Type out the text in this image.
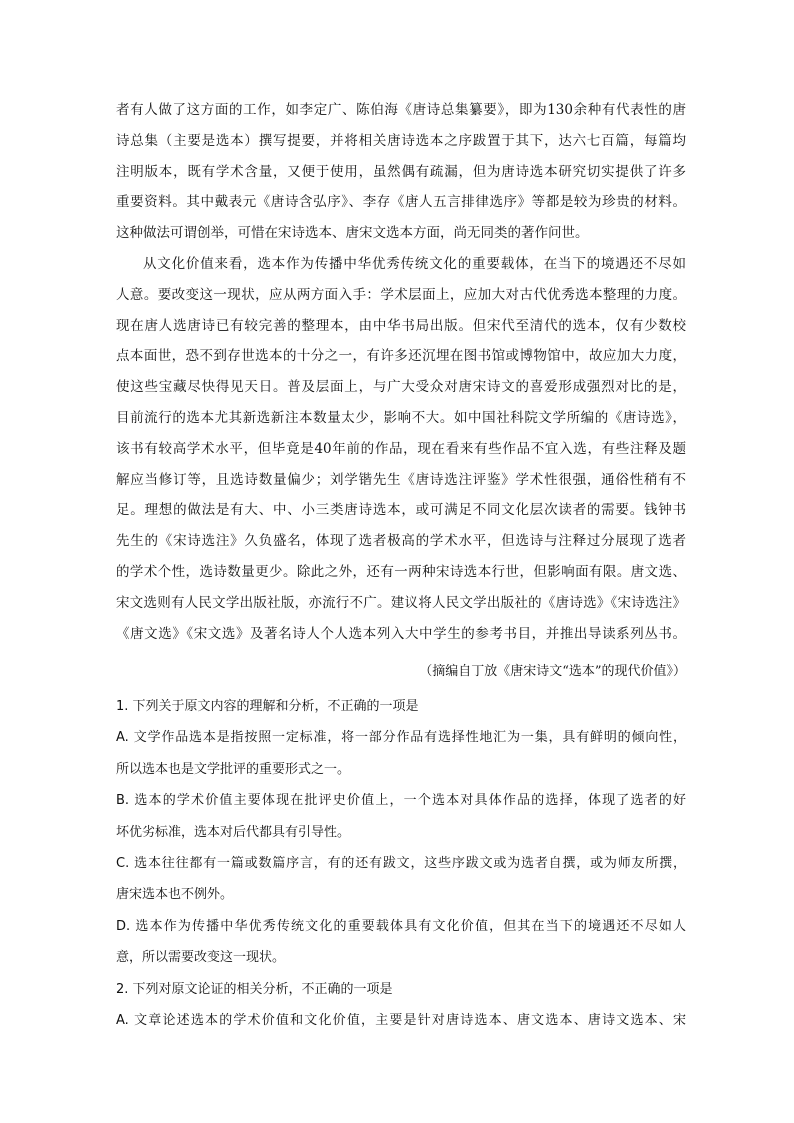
者有人做了这方面的工作，如李定广、陈伯海《唐诗总集纂要》，即为130余种有代表性的唐
诗总集（主要是选本）撰写提要，并将相关唐诗选本之序跋置于其下，达六七百篇，每篇均
注明版本，既有学术含量，又便于使用，虽然偶有疏漏，但为唐诗选本研究切实提供了许多
重要资料。其中戴表元《唐诗含弘序》、李存《唐人五言排律选序》等都是较为珍贵的材料。
这种做法可谓创举，可惜在宋诗选本、唐宋文选本方面，尚无同类的著作问世。
从文化价值来看，选本作为传播中华优秀传统文化的重要载体，在当下的境遇还不尽如
人意。要改变这一现状，应从两方面入手：学术层面上，应加大对古代优秀选本整理的力度。
现在唐人选唐诗已有较完善的整理本，由中华书局出版。但宋代至清代的选本，仅有少数校
点本面世，恐不到存世选本的十分之一，有许多还沉埋在图书馆或博物馆中，故应加大力度，
使这些宝藏尽快得见天日。普及层面上，与广大受众对唐宋诗文的喜爱形成强烈对比的是，
目前流行的选本尤其新选新注本数量太少，影响不大。如中国社科院文学所编的《唐诗选》，
该书有较高学术水平，但毕竟是40年前的作品，现在看来有些作品不宜入选，有些注释及题
解应当修订等，且选诗数量偏少；刘学锴先生《唐诗选注评鉴》学术性很强，通俗性稍有不
足。理想的做法是有大、中、小三类唐诗选本，或可满足不同文化层次读者的需要。钱钟书
先生的《宋诗选注》久负盛名，体现了选者极高的学术水平，但选诗与注释过分展现了选者
的学术个性，选诗数量更少。除此之外，还有一两种宋诗选本行世，但影响面有限。唐文选、
宋文选则有人民文学出版社版，亦流行不广。建议将人民文学出版社的《唐诗选》《宋诗选注》
《唐文选》《宋文选》及著名诗人个人选本列入大中学生的参考书目，并推出导读系列丛书。
（摘编自丁放《唐宋诗文“选本”的现代价值》）
1. 下列关于原文内容的理解和分析，不正确的一项是
A. 文学作品选本是指按照一定标准，将一部分作品有选择性地汇为一集，具有鲜明的倾向性，
所以选本也是文学批评的重要形式之一。
B. 选本的学术价值主要体现在批评史价值上，一个选本对具体作品的选择，体现了选者的好
坏优劣标准，选本对后代都具有引导性。
C. 选本往往都有一篇或数篇序言，有的还有跋文，这些序跋文或为选者自撰，或为师友所撰，
唐宋选本也不例外。
D. 选本作为传播中华优秀传统文化的重要载体具有文化价值，但其在当下的境遇还不尽如人
意，所以需要改变这一现状。
2. 下列对原文论证的相关分析，不正确的一项是
A. 文章论述选本的学术价值和文化价值，主要是针对唐诗选本、唐文选本、唐诗文选本、宋
